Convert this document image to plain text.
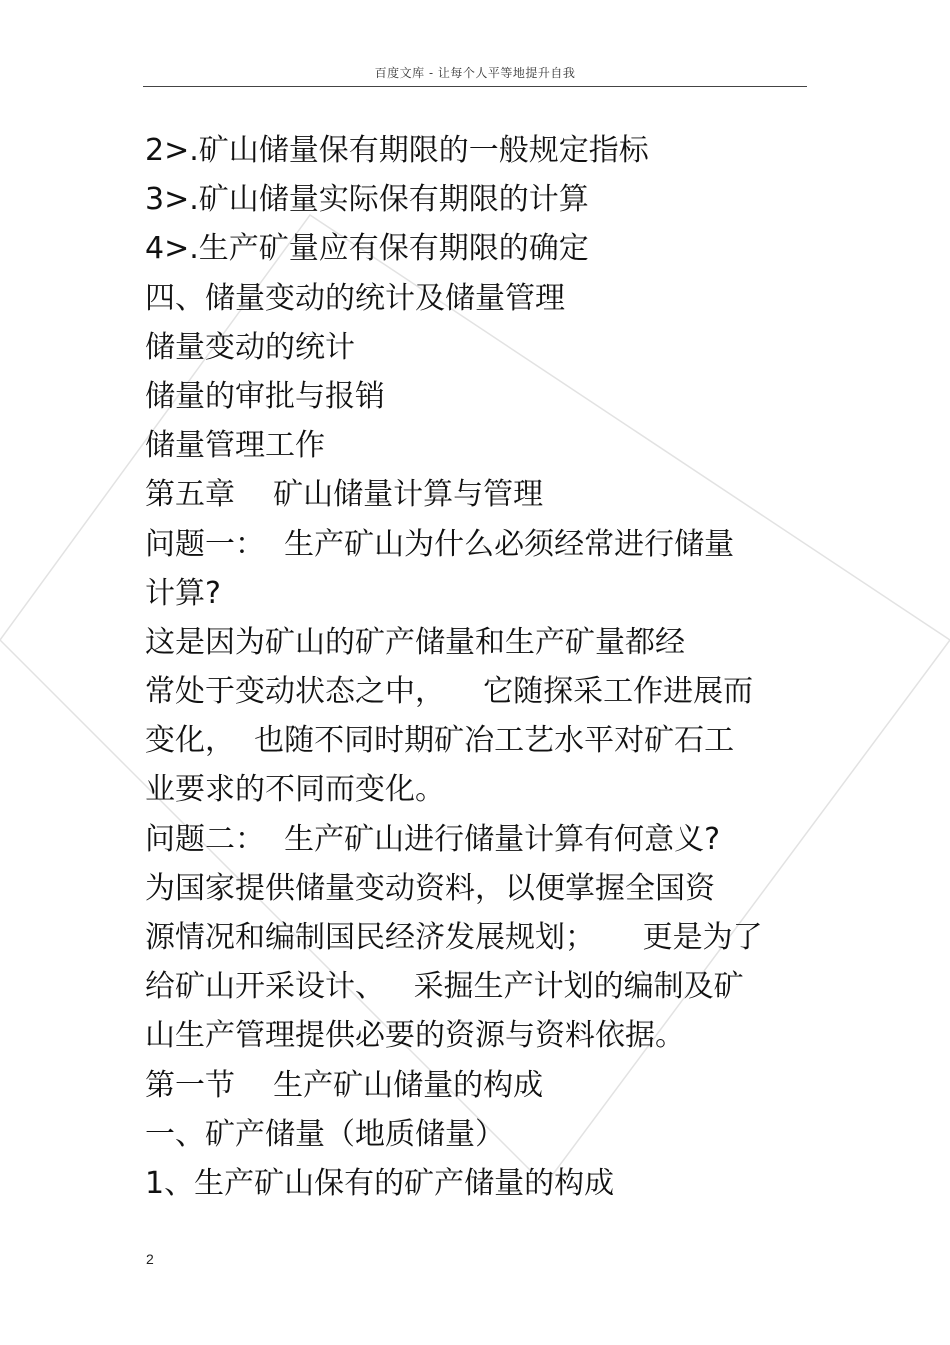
百度文库 - 让每个人平等地提升自我
2>.矿山储量保有期限的一般规定指标
3>.矿山储量实际保有期限的计算
4>.生产矿量应有保有期限的确定
四、储量变动的统计及储量管理
储量变动的统计
储量的审批与报销
储量管理工作
第五章    矿山储量计算与管理
问题一：  生产矿山为什么必须经常进行储量
计算?
这是因为矿山的矿产储量和生产矿量都经
常处于变动状态之中，    它随探采工作进展而
变化，  也随不同时期矿冶工艺水平对矿石工
业要求的不同而变化。
问题二：  生产矿山进行储量计算有何意义?
为国家提供储量变动资料，以便掌握全国资
源情况和编制国民经济发展规划；     更是为了
给矿山开采设计、   采掘生产计划的编制及矿
山生产管理提供必要的资源与资料依据。
第一节    生产矿山储量的构成
一、矿产储量（地质储量）
1、生产矿山保有的矿产储量的构成
2
